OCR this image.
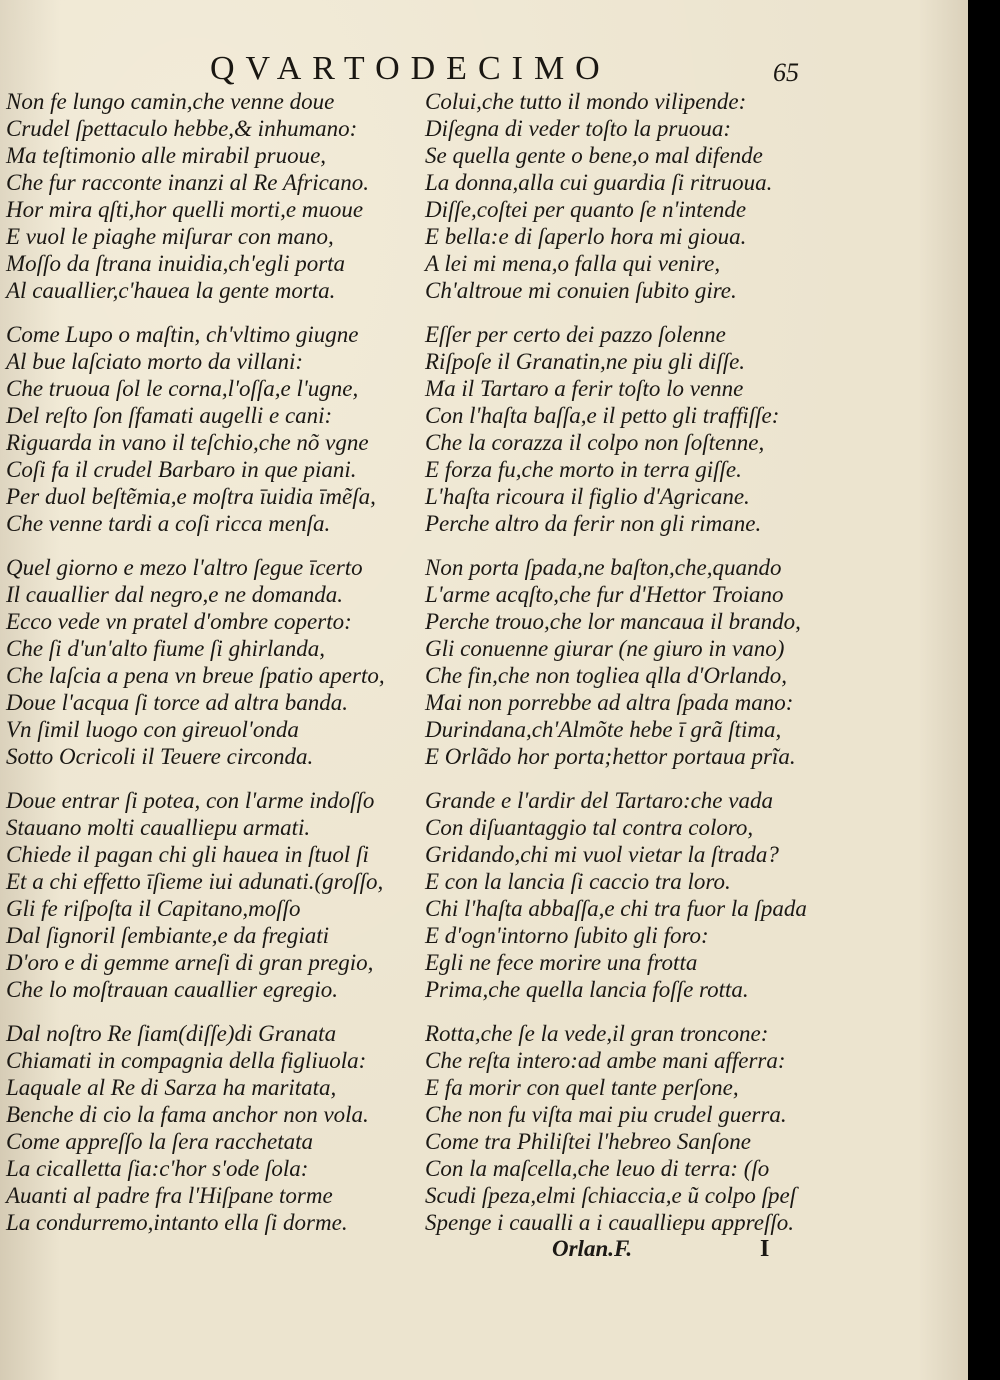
QVARTODECIMO	65
Non fe lungo camin,che venne doue
Crudel ſpettaculo hebbe,& inhumano:
Ma teſtimonio alle mirabil pruoue,
Che fur racconte inanzi al Re Africano.
Hor mira qſti,hor quelli morti,e muoue
E vuol le piaghe miſurar con mano,
Moſſo da ſtrana inuidia,ch'egli porta
Al cauallier,c'hauea la gente morta.
Come Lupo o maſtin, ch'vltimo giugne
Al bue laſciato morto da villani:
Che truoua ſol le corna,l'oſſa,e l'ugne,
Del reſto ſon ſfamati augelli e cani:
Riguarda in vano il teſchio,che nõ vgne
Coſi fa il crudel Barbaro in que piani.
Per duol beſtẽmia,e moſtra īuidia īmẽſa,
Che venne tardi a coſi ricca menſa.
Quel giorno e mezo l'altro ſegue īcerto
Il cauallier dal negro,e ne domanda.
Ecco vede vn pratel d'ombre coperto:
Che ſi d'un'alto fiume ſi ghirlanda,
Che laſcia a pena vn breue ſpatio aperto,
Doue l'acqua ſi torce ad altra banda.
Vn ſimil luogo con gireuol'onda
Sotto Ocricoli il Teuere circonda.
Doue entrar ſi potea, con l'arme indoſſo
Stauano molti caualliери armati.
Chiede il pagan chi gli hauea in ſtuol ſi
Et a chi effetto īſieme iui adunati.(groſſo,
Gli fe riſpoſta il Capitano,moſſo
Dal ſignoril ſembiante,e da fregiati
D'oro e di gemme arneſi di gran pregio,
Che lo moſtrauan cauallier egregio.
Dal noſtro Re ſiam(diſſe)di Granata
Chiamati in compagnia della figliuola:
Laquale al Re di Sarza ha maritata,
Benche di cio la fama anchor non vola.
Come appreſſo la ſera racchetata
La cicalletta ſia:c'hor s'ode ſola:
Auanti al padre fra l'Hiſpane torme
La condurremo,intanto ella ſi dorme.
Colui,che tutto il mondo vilipende:
Diſegna di veder toſto la pruoua:
Se quella gente o bene,o mal difende
La donna,alla cui guardia ſi ritruoua.
Diſſe,coſtei per quanto ſe n'intende
E bella:e di ſaperlo hora mi gioua.
A lei mi mena,o falla qui venire,
Ch'altroue mi conuien ſubito gire.
Eſſer per certo dei pazzo ſolenne
Riſpoſe il Granatin,ne piu gli diſſe.
Ma il Tartaro a ferir toſto lo venne
Con l'haſta baſſa,e il petto gli traffiſſe:
Che la corazza il colpo non ſoſtenne,
E forza fu,che morto in terra giſſe.
L'haſta ricoura il figlio d'Agricane.
Perche altro da ferir non gli rimane.
Non porta ſpada,ne baſton,che,quando
L'arme acqſto,che fur d'Hettor Troiano
Perche trouo,che lor mancaua il brando,
Gli conuenne giurar (ne giuro in vano)
Che fin,che non togliea qlla d'Orlando,
Mai non porrebbe ad altra ſpada mano:
Durindana,ch'Almõte hebe ī grã ſtima,
E Orlãdo hor porta;hettor portaua prĩa.
Grande e l'ardir del Tartaro:che vada
Con diſuantaggio tal contra coloro,
Gridando,chi mi vuol vietar la ſtrada?
E con la lancia ſi caccio tra loro.
Chi l'haſta abbaſſa,e chi tra fuor la ſpada
E d'ogn'intorno ſubito gli foro:
Egli ne fece morire una frotta
Prima,che quella lancia foſſe rotta.
Rotta,che ſe la vede,il gran troncone:
Che reſta intero:ad ambe mani afferra:
E fa morir con quel tante perſone,
Che non fu viſta mai piu crudel guerra.
Come tra Philiſtei l'hebreo Sanſone
Con la maſcella,che leuo di terra: (ſo
Scudi ſpeza,elmi ſchiaccia,e ũ colpo ſpeſ
Spenge i caualli a i caualliери appreſſo.
Orlan.F.	I
